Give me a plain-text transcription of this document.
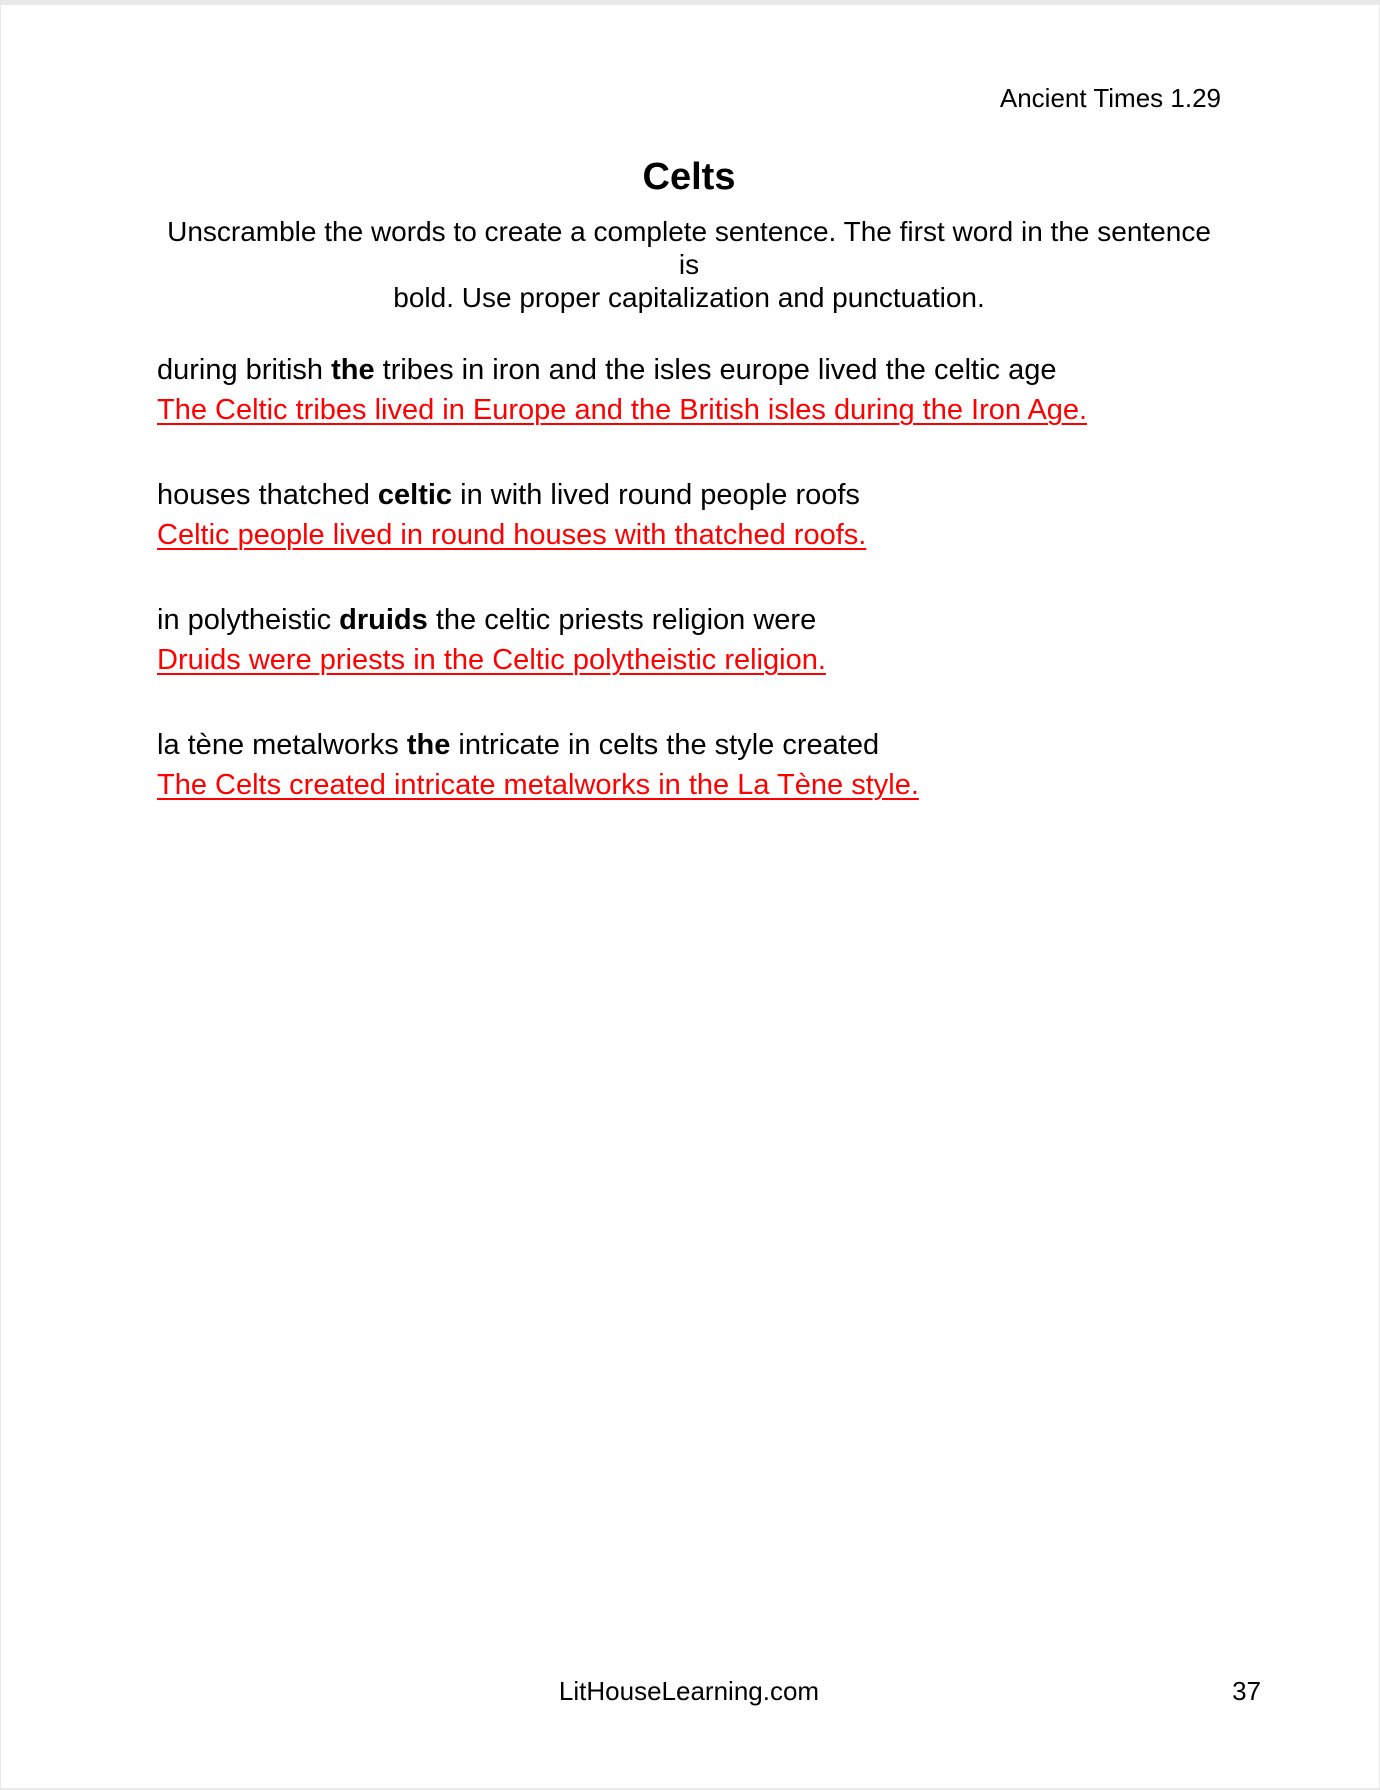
Ancient Times 1.29
Celts
Unscramble the words to create a complete sentence. The first word in the sentence is
bold. Use proper capitalization and punctuation.
during british the tribes in iron and the isles europe lived the celtic age
The Celtic tribes lived in Europe and the British isles during the Iron Age.
houses thatched celtic in with lived round people roofs
Celtic people lived in round houses with thatched roofs.
in polytheistic druids the celtic priests religion were
Druids were priests in the Celtic polytheistic religion.
la tène metalworks the intricate in celts the style created
The Celts created intricate metalworks in the La Tène style.
LitHouseLearning.com	37
